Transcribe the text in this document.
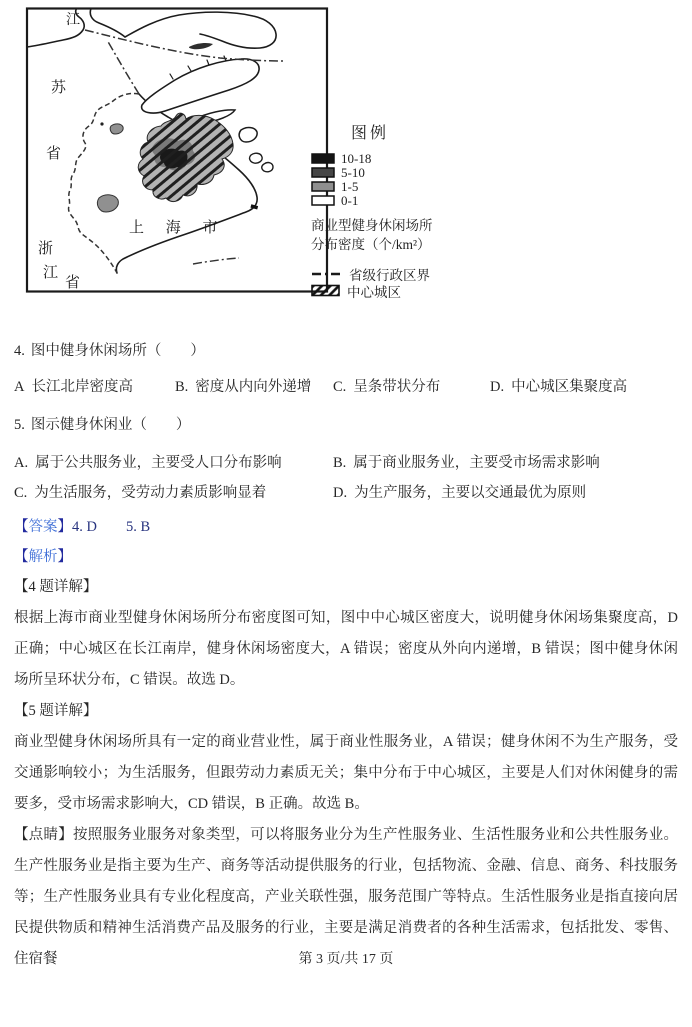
江
苏
省
浙
江
省
上 海 市
图例
10-18
5-10
1-5
0-1
商业型健身休闲场所
分布密度（个/km²）
省级行政区界
中心城区

4. 图中健身休闲场所（　　）

A 长江北岸密度高	B. 密度从内向外递增	C. 呈条带状分布	D. 中心城区集聚度高

5. 图示健身休闲业（　　）

A. 属于公共服务业，主要受人口分布影响	B. 属于商业服务业，主要受市场需求影响
C. 为生活服务，受劳动力素质影响显着	D. 为生产服务，主要以交通最优为原则

【答案】4. D　　5. B

【解析】

【4 题详解】

根据上海市商业型健身休闲场所分布密度图可知，图中中心城区密度大，说明健身休闲场集聚度高，D 正确；中心城区在长江南岸，健身休闲场密度大，A 错误；密度从外向内递增，B 错误；图中健身休闲场所呈环状分布，C 错误。故选 D。

【5 题详解】

商业型健身休闲场所具有一定的商业营业性，属于商业性服务业，A 错误；健身休闲不为生产服务，受交通影响较小；为生活服务，但跟劳动力素质无关；集中分布于中心城区，主要是人们对休闲健身的需要多，受市场需求影响大，CD 错误，B 正确。故选 B。

【点睛】按照服务业服务对象类型，可以将服务业分为生产性服务业、生活性服务业和公共性服务业。生产性服务业是指主要为生产、商务等活动提供服务的行业，包括物流、金融、信息、商务、科技服务等；生产性服务业具有专业化程度高，产业关联性强，服务范围广等特点。生活性服务业是指直接向居民提供物质和精神生活消费产品及服务的行业，主要是满足消费者的各种生活需求，包括批发、零售、住宿餐	第 3 页/共 17 页
